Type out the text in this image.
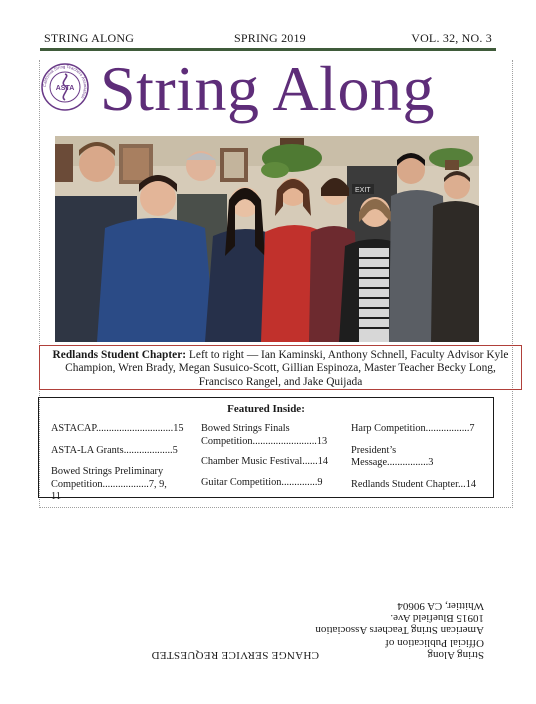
STRING ALONG	SPRING 2019	VOL. 32, NO. 3
California String Teachers Association
ASTA String Along
EXIT
Redlands Student Chapter: Left to right — Ian Kaminski, Anthony Schnell, Faculty Advisor Kyle Champion, Wren Brady, Megan Susuico-Scott, Gillian Espinoza, Master Teacher Becky Long, Francisco Rangel, and Jake Quijada
Featured Inside:
ASTACAP..............................15
ASTA-LA Grants...................5
Bowed Strings Preliminary Competition..................7, 9, 11
Bowed Strings Finals Competition.........................13
Chamber Music Festival......14
Guitar Competition..............9
Harp Competition.................7
President’s Message................3
Redlands Student Chapter...14
String Along
Official Publication of
American String Teachers Association
10915 Bluefield Ave.
Whittier, CA 90604
CHANGE SERVICE REQUESTED
